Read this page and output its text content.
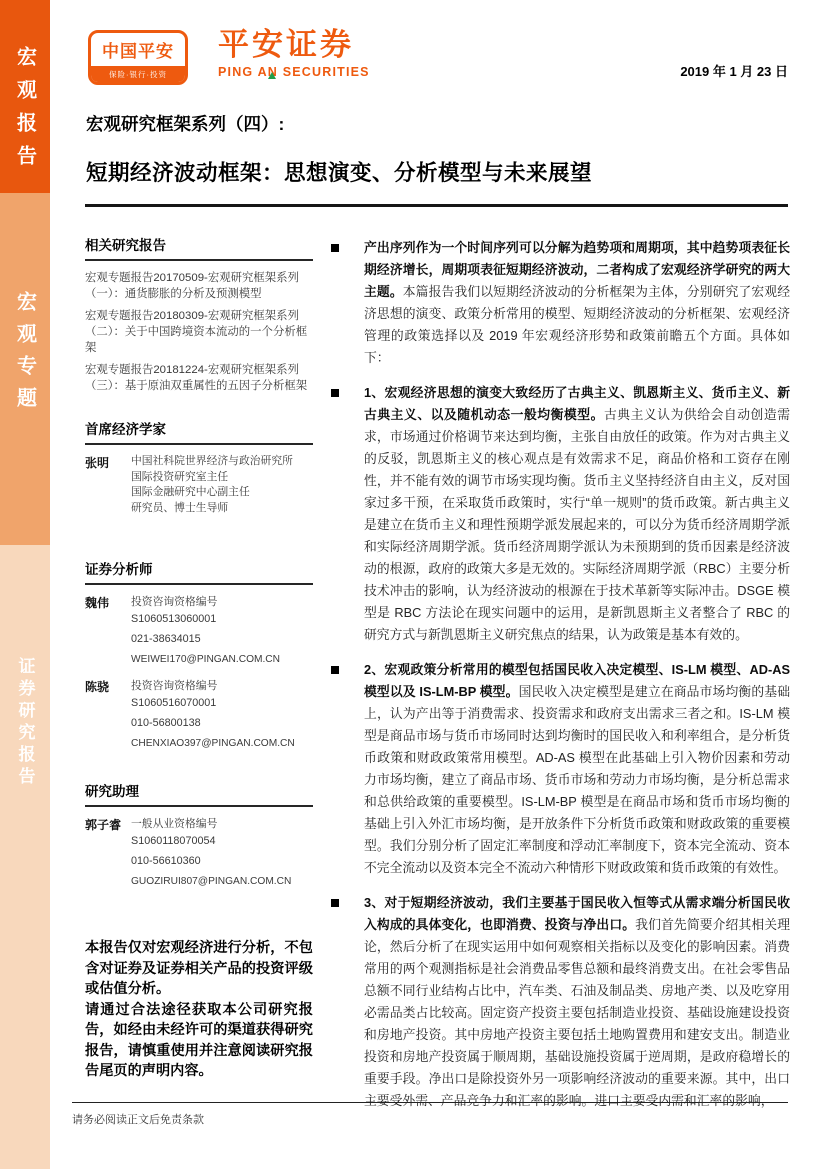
宏观报告
宏观专题
证券研究报告
中国平安
保险·银行·投资
平安证券
PING AN SECURITIES	2019 年 1 月 23 日
宏观研究框架系列（四）:
短期经济波动框架：思想演变、分析模型与未来展望
相关研究报告
宏观专题报告20170509-宏观研究框架系列（一）：通货膨胀的分析及预测模型
宏观专题报告20180309-宏观研究框架系列（二）：关于中国跨境资本流动的一个分析框架
宏观专题报告20181224-宏观研究框架系列（三）：基于原油双重属性的五因子分析框架
首席经济学家
张明	中国社科院世界经济与政治研究所
国际投资研究室主任
国际金融研究中心副主任
研究员、博士生导师
证券分析师
魏伟	投资咨询资格编号
S1060513060001
021-38634015
WEIWEI170@PINGAN.COM.CN
陈骁	投资咨询资格编号
S1060516070001
010-56800138
CHENXIAO397@PINGAN.COM.CN
研究助理
郭子睿 一般从业资格编号
S1060118070054
010-56610360
GUOZIRUI807@PINGAN.COM.CN

本报告仅对宏观经济进行分析，不包含对证券及证券相关产品的投资评级或估值分析。

请通过合法途径获取本公司研究报告，如经由未经许可的渠道获得研究报告，请慎重使用并注意阅读研究报告尾页的声明内容。

产出序列作为一个时间序列可以分解为趋势项和周期项，其中趋势项表征长期经济增长，周期项表征短期经济波动，二者构成了宏观经济学研究的两大主题。本篇报告我们以短期经济波动的分析框架为主体，分别研究了宏观经济思想的演变、政策分析常用的模型、短期经济波动的分析框架、宏观经济管理的政策选择以及 2019 年宏观经济形势和政策前瞻五个方面。具体如下：

1、宏观经济思想的演变大致经历了古典主义、凯恩斯主义、货币主义、新古典主义、以及随机动态一般均衡模型。古典主义认为供给会自动创造需求，市场通过价格调节来达到均衡，主张自由放任的政策。作为对古典主义的反驳，凯恩斯主义的核心观点是有效需求不足，商品价格和工资存在刚性，并不能有效的调节市场实现均衡。货币主义坚持经济自由主义，反对国家过多干预，在采取货币政策时，实行“单一规则”的货币政策。新古典主义是建立在货币主义和理性预期学派发展起来的，可以分为货币经济周期学派和实际经济周期学派。货币经济周期学派认为未预期到的货币因素是经济波动的根源，政府的政策大多是无效的。实际经济周期学派（RBC）主要分析技术冲击的影响，认为经济波动的根源在于技术革新等实际冲击。DSGE 模型是 RBC 方法论在现实问题中的运用，是新凯恩斯主义者整合了 RBC 的研究方式与新凯恩斯主义研究焦点的结果，认为政策是基本有效的。

2、宏观政策分析常用的模型包括国民收入决定模型、IS-LM 模型、AD-AS 模型以及 IS-LM-BP 模型。国民收入决定模型是建立在商品市场均衡的基础上，认为产出等于消费需求、投资需求和政府支出需求三者之和。IS-LM 模型是商品市场与货币市场同时达到均衡时的国民收入和利率组合，是分析货币政策和财政政策常用模型。AD-AS 模型在此基础上引入物价因素和劳动力市场均衡，建立了商品市场、货币市场和劳动力市场均衡，是分析总需求和总供给政策的重要模型。IS-LM-BP 模型是在商品市场和货币市场均衡的基础上引入外汇市场均衡，是开放条件下分析货币政策和财政政策的重要模型。我们分别分析了固定汇率制度和浮动汇率制度下，资本完全流动、资本不完全流动以及资本完全不流动六种情形下财政政策和货币政策的有效性。

3、对于短期经济波动，我们主要基于国民收入恒等式从需求端分析国民收入构成的具体变化，也即消费、投资与净出口。我们首先简要介绍其相关理论，然后分析了在现实运用中如何观察相关指标以及变化的影响因素。消费常用的两个观测指标是社会消费品零售总额和最终消费支出。在社会零售品总额不同行业结构占比中，汽车类、石油及制品类、房地产类、以及吃穿用必需品类占比较高。固定资产投资主要包括制造业投资、基础设施建设投资和房地产投资。其中房地产投资主要包括土地购置费用和建安支出。制造业投资和房地产投资属于顺周期，基础设施投资属于逆周期，是政府稳增长的重要手段。净出口是除投资外另一项影响经济波动的重要来源。其中，出口主要受外需、产品竞争力和汇率的影响。进口主要受内需和汇率的影响，

请务必阅读正文后免责条款
